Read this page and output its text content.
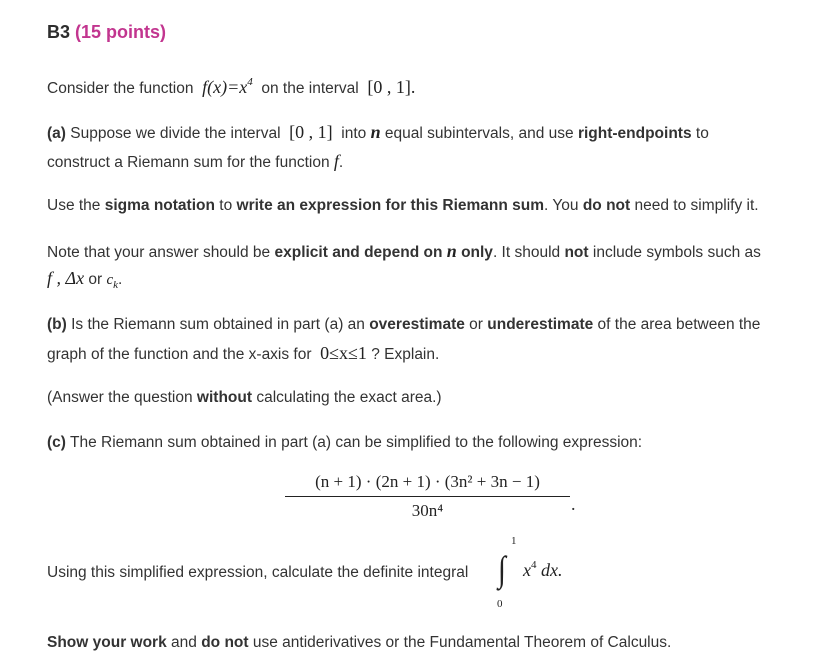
B3 (15 points)
Consider the function $f(x)=x^4$ on the interval [0 , 1].
(a) Suppose we divide the interval [0 , 1] into n equal subintervals, and use right-endpoints to
construct a Riemann sum for the function f.
Use the sigma notation to write an expression for this Riemann sum. You do not need to simplify it.
Note that your answer should be explicit and depend on n only. It should not include symbols such as
f , Δx or $c_k$.
(b) Is the Riemann sum obtained in part (a) an overestimate or underestimate of the area between the
graph of the function and the x-axis for 0≤x≤1 ? Explain.
(Answer the question without calculating the exact area.)
(c) The Riemann sum obtained in part (a) can be simplified to the following expression:
$\frac{\text{(n + 1) · (2n + 1) · (3n² + 3n − 1)}}{\text{30n⁴}}$ .
Using this simplified expression, calculate the definite integral
1
∫
0
$x^4$ dx.
Show your work and do not use antiderivatives or the Fundamental Theorem of Calculus.
